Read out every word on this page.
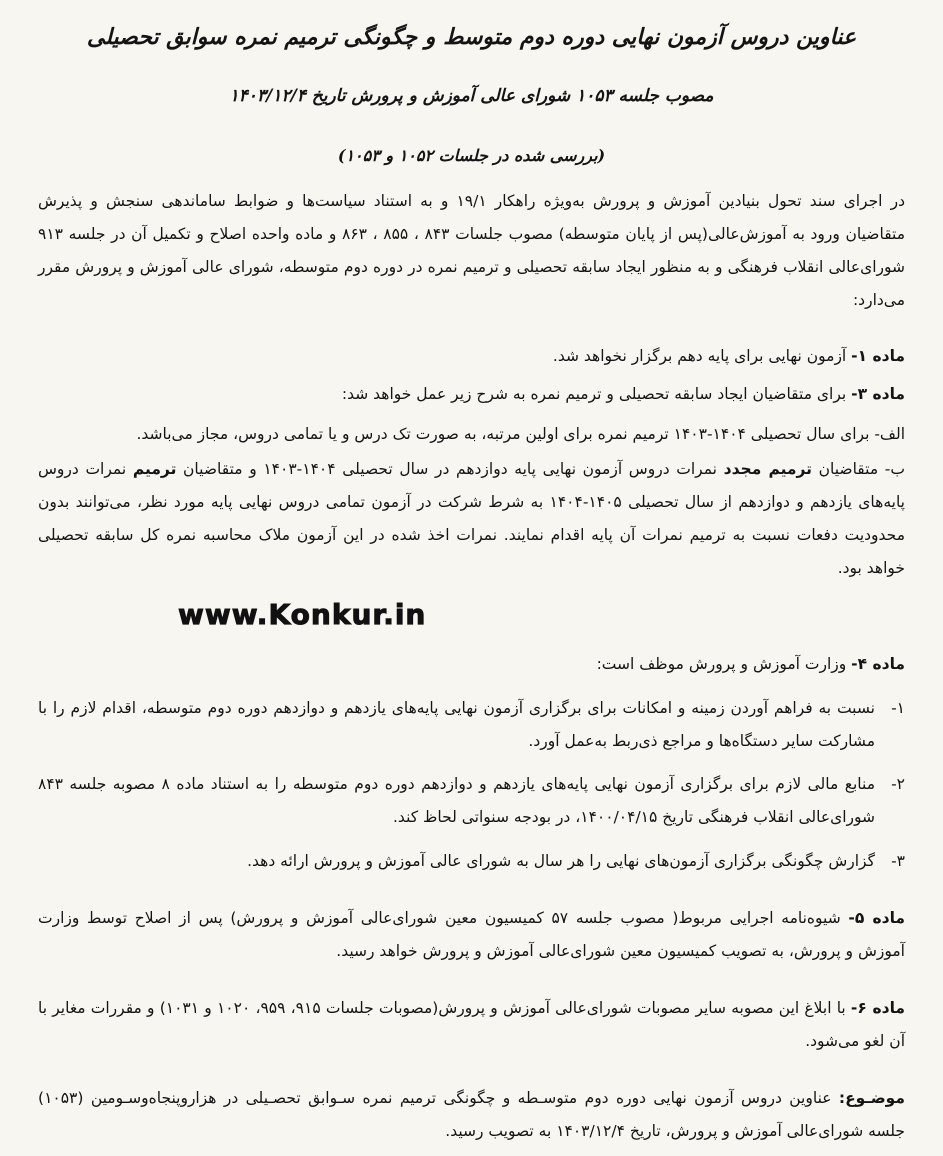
عناوین دروس آزمون نهایی دوره دوم متوسط و چگونگی ترمیم نمره سوابق تحصیلی
مصوب جلسه ۱۰۵۳ شورای عالی آموزش و پرورش تاریخ ۱۴۰۳/۱۲/۴
(بررسی شده در جلسات ۱۰۵۲ و ۱۰۵۳)
در اجرای سند تحول بنیادین آموزش و پرورش به‌ویژه راهکار ۱۹/۱ و به استناد سیاست‌ها و ضوابط ساماندهی سنجش و پذیرش متقاضیان ورود به آموزش‌عالی(پس از پایان متوسطه) مصوب جلسات ۸۴۳ ، ۸۵۵ ، ۸۶۳ و ماده واحده اصلاح و تکمیل آن در جلسه ۹۱۳ شورای‌عالی انقلاب فرهنگی و به منظور ایجاد سابقه تحصیلی و ترمیم نمره در دوره دوم متوسطه، شورای عالی آموزش و پرورش مقرر می‌دارد:
ماده ۱- آزمون نهایی برای پایه دهم برگزار نخواهد شد.
ماده ۳- برای متقاضیان ایجاد سابقه تحصیلی و ترمیم نمره به شرح زیر عمل خواهد شد:
الف- برای سال تحصیلی ۱۴۰۴-۱۴۰۳ ترمیم نمره برای اولین مرتبه، به صورت تک درس و یا تمامی دروس، مجاز می‌باشد.
ب- متقاضیان ترمیم مجدد نمرات دروس آزمون نهایی پایه دوازدهم در سال تحصیلی ۱۴۰۴-۱۴۰۳ و متقاضیان ترمیم نمرات دروس پایه‌های یازدهم و دوازدهم از سال تحصیلی ۱۴۰۵-۱۴۰۴ به شرط شرکت در آزمون تمامی دروس نهایی پایه مورد نظر، می‌توانند بدون محدودیت دفعات نسبت به ترمیم نمرات آن پایه اقدام نمایند. نمرات اخذ شده در این آزمون ملاک محاسبه نمره کل سابقه تحصیلی خواهد بود.
www.Konkur.in
ماده ۴- وزارت آموزش و پرورش موظف است:
۱-
نسبت به فراهم آوردن زمینه و امکانات برای برگزاری آزمون نهایی پایه‌های یازدهم و دوازدهم دوره دوم متوسطه، اقدام لازم را با مشارکت سایر دستگاه‌ها و مراجع ذی‌ربط به‌عمل آورد.
۲-
منابع مالی لازم برای برگزاری آزمون نهایی پایه‌های یازدهم و دوازدهم دوره دوم متوسطه را به استناد ماده ۸ مصوبه جلسه ۸۴۳ شورای‌عالی انقلاب فرهنگی تاریخ ۱۴۰۰/۰۴/۱۵، در بودجه سنواتی لحاظ کند.
۳-
گزارش چگونگی برگزاری آزمون‌های نهایی را هر سال به شورای عالی آموزش و پرورش ارائه دهد.
ماده ۵- شیوه‌نامه اجرایی مربوط( مصوب جلسه ۵۷ کمیسیون معین شورای‌عالی آموزش و پرورش) پس از اصلاح توسط وزارت آموزش و پرورش، به تصویب کمیسیون معین شورای‌عالی آموزش و پرورش خواهد رسید.
ماده ۶- با ابلاغ این مصوبه سایر مصوبات شورای‌عالی آموزش و پرورش(مصوبات جلسات ۹۱۵، ۹۵۹، ۱۰۲۰ و ۱۰۳۱) و مقررات مغایر با آن لغو می‌شود.
موضـوع: عناوین دروس آزمون نهایی دوره دوم متوسـطه و چگونگی ترمیم نمره سـوابق تحصـیلی در هزاروپنجاه‌وسـومین (۱۰۵۳) جلسه شورای‌عالی آموزش و پرورش، تاریخ ۱۴۰۳/۱۲/۴ به تصویب رسید.
